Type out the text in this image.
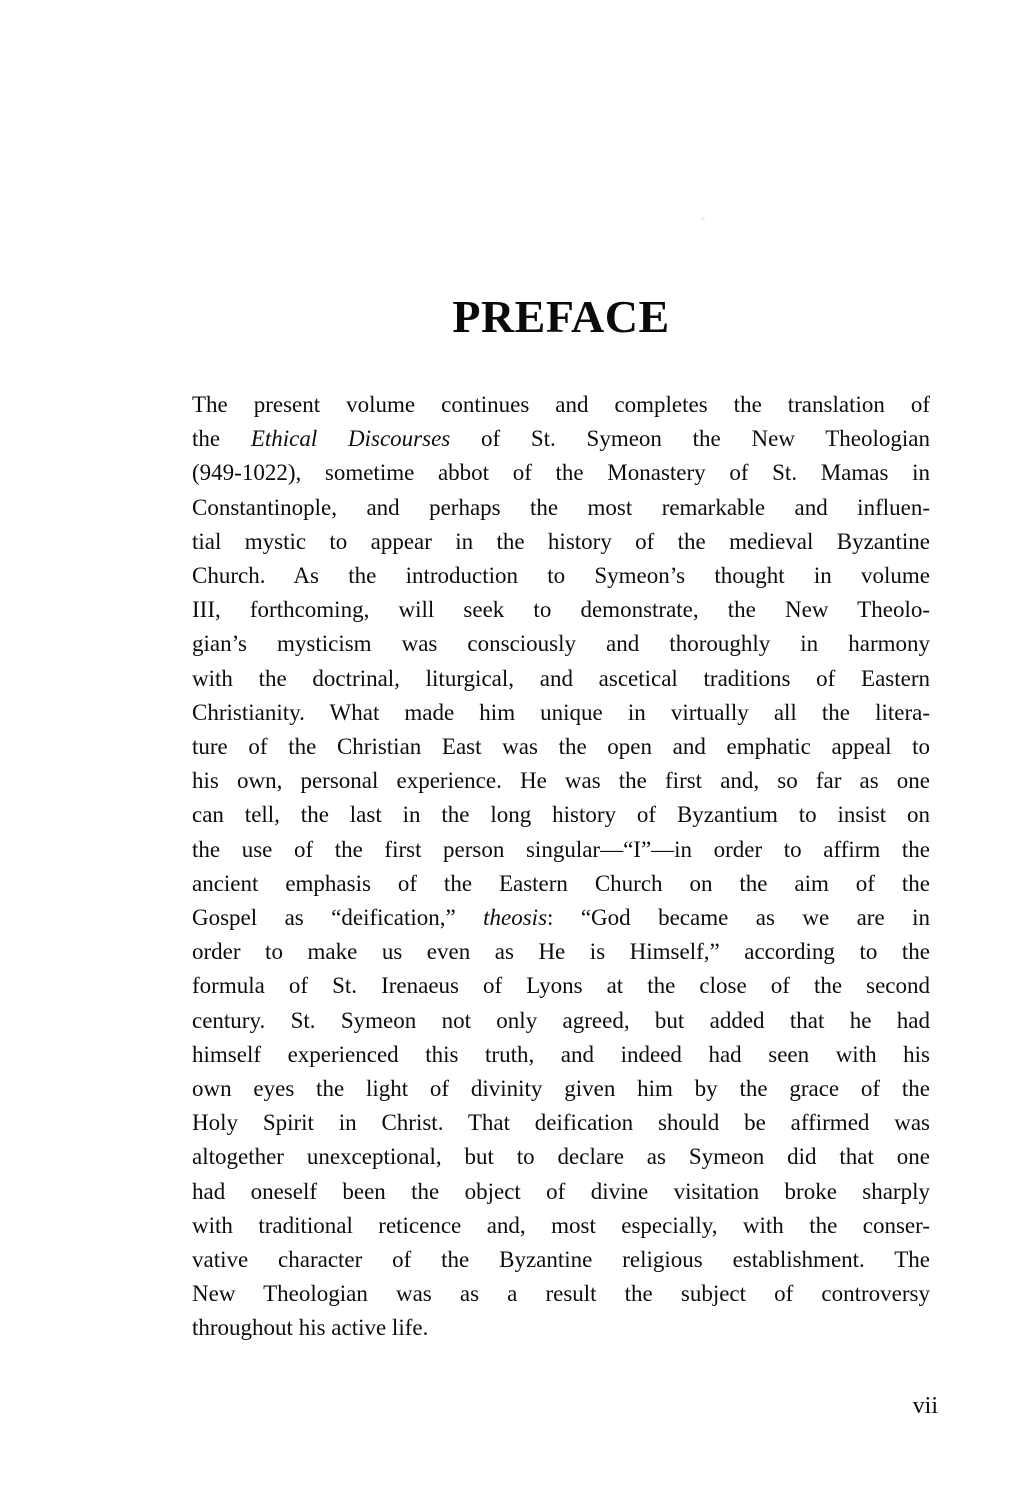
PREFACE
The present volume continues and completes the translation of
the Ethical Discourses of St. Symeon the New Theologian
(949-1022), sometime abbot of the Monastery of St. Mamas in
Constantinople, and perhaps the most remarkable and influen-
tial mystic to appear in the history of the medieval Byzantine
Church. As the introduction to Symeon’s thought in volume
III, forthcoming, will seek to demonstrate, the New Theolo-
gian’s mysticism was consciously and thoroughly in harmony
with the doctrinal, liturgical, and ascetical traditions of Eastern
Christianity. What made him unique in virtually all the litera-
ture of the Christian East was the open and emphatic appeal to
his own, personal experience. He was the first and, so far as one
can tell, the last in the long history of Byzantium to insist on
the use of the first person singular—“I”—in order to affirm the
ancient emphasis of the Eastern Church on the aim of the
Gospel as “deification,” theosis: “God became as we are in
order to make us even as He is Himself,” according to the
formula of St. Irenaeus of Lyons at the close of the second
century. St. Symeon not only agreed, but added that he had
himself experienced this truth, and indeed had seen with his
own eyes the light of divinity given him by the grace of the
Holy Spirit in Christ. That deification should be affirmed was
altogether unexceptional, but to declare as Symeon did that one
had oneself been the object of divine visitation broke sharply
with traditional reticence and, most especially, with the conser-
vative character of the Byzantine religious establishment. The
New Theologian was as a result the subject of controversy
throughout his active life.
vii
